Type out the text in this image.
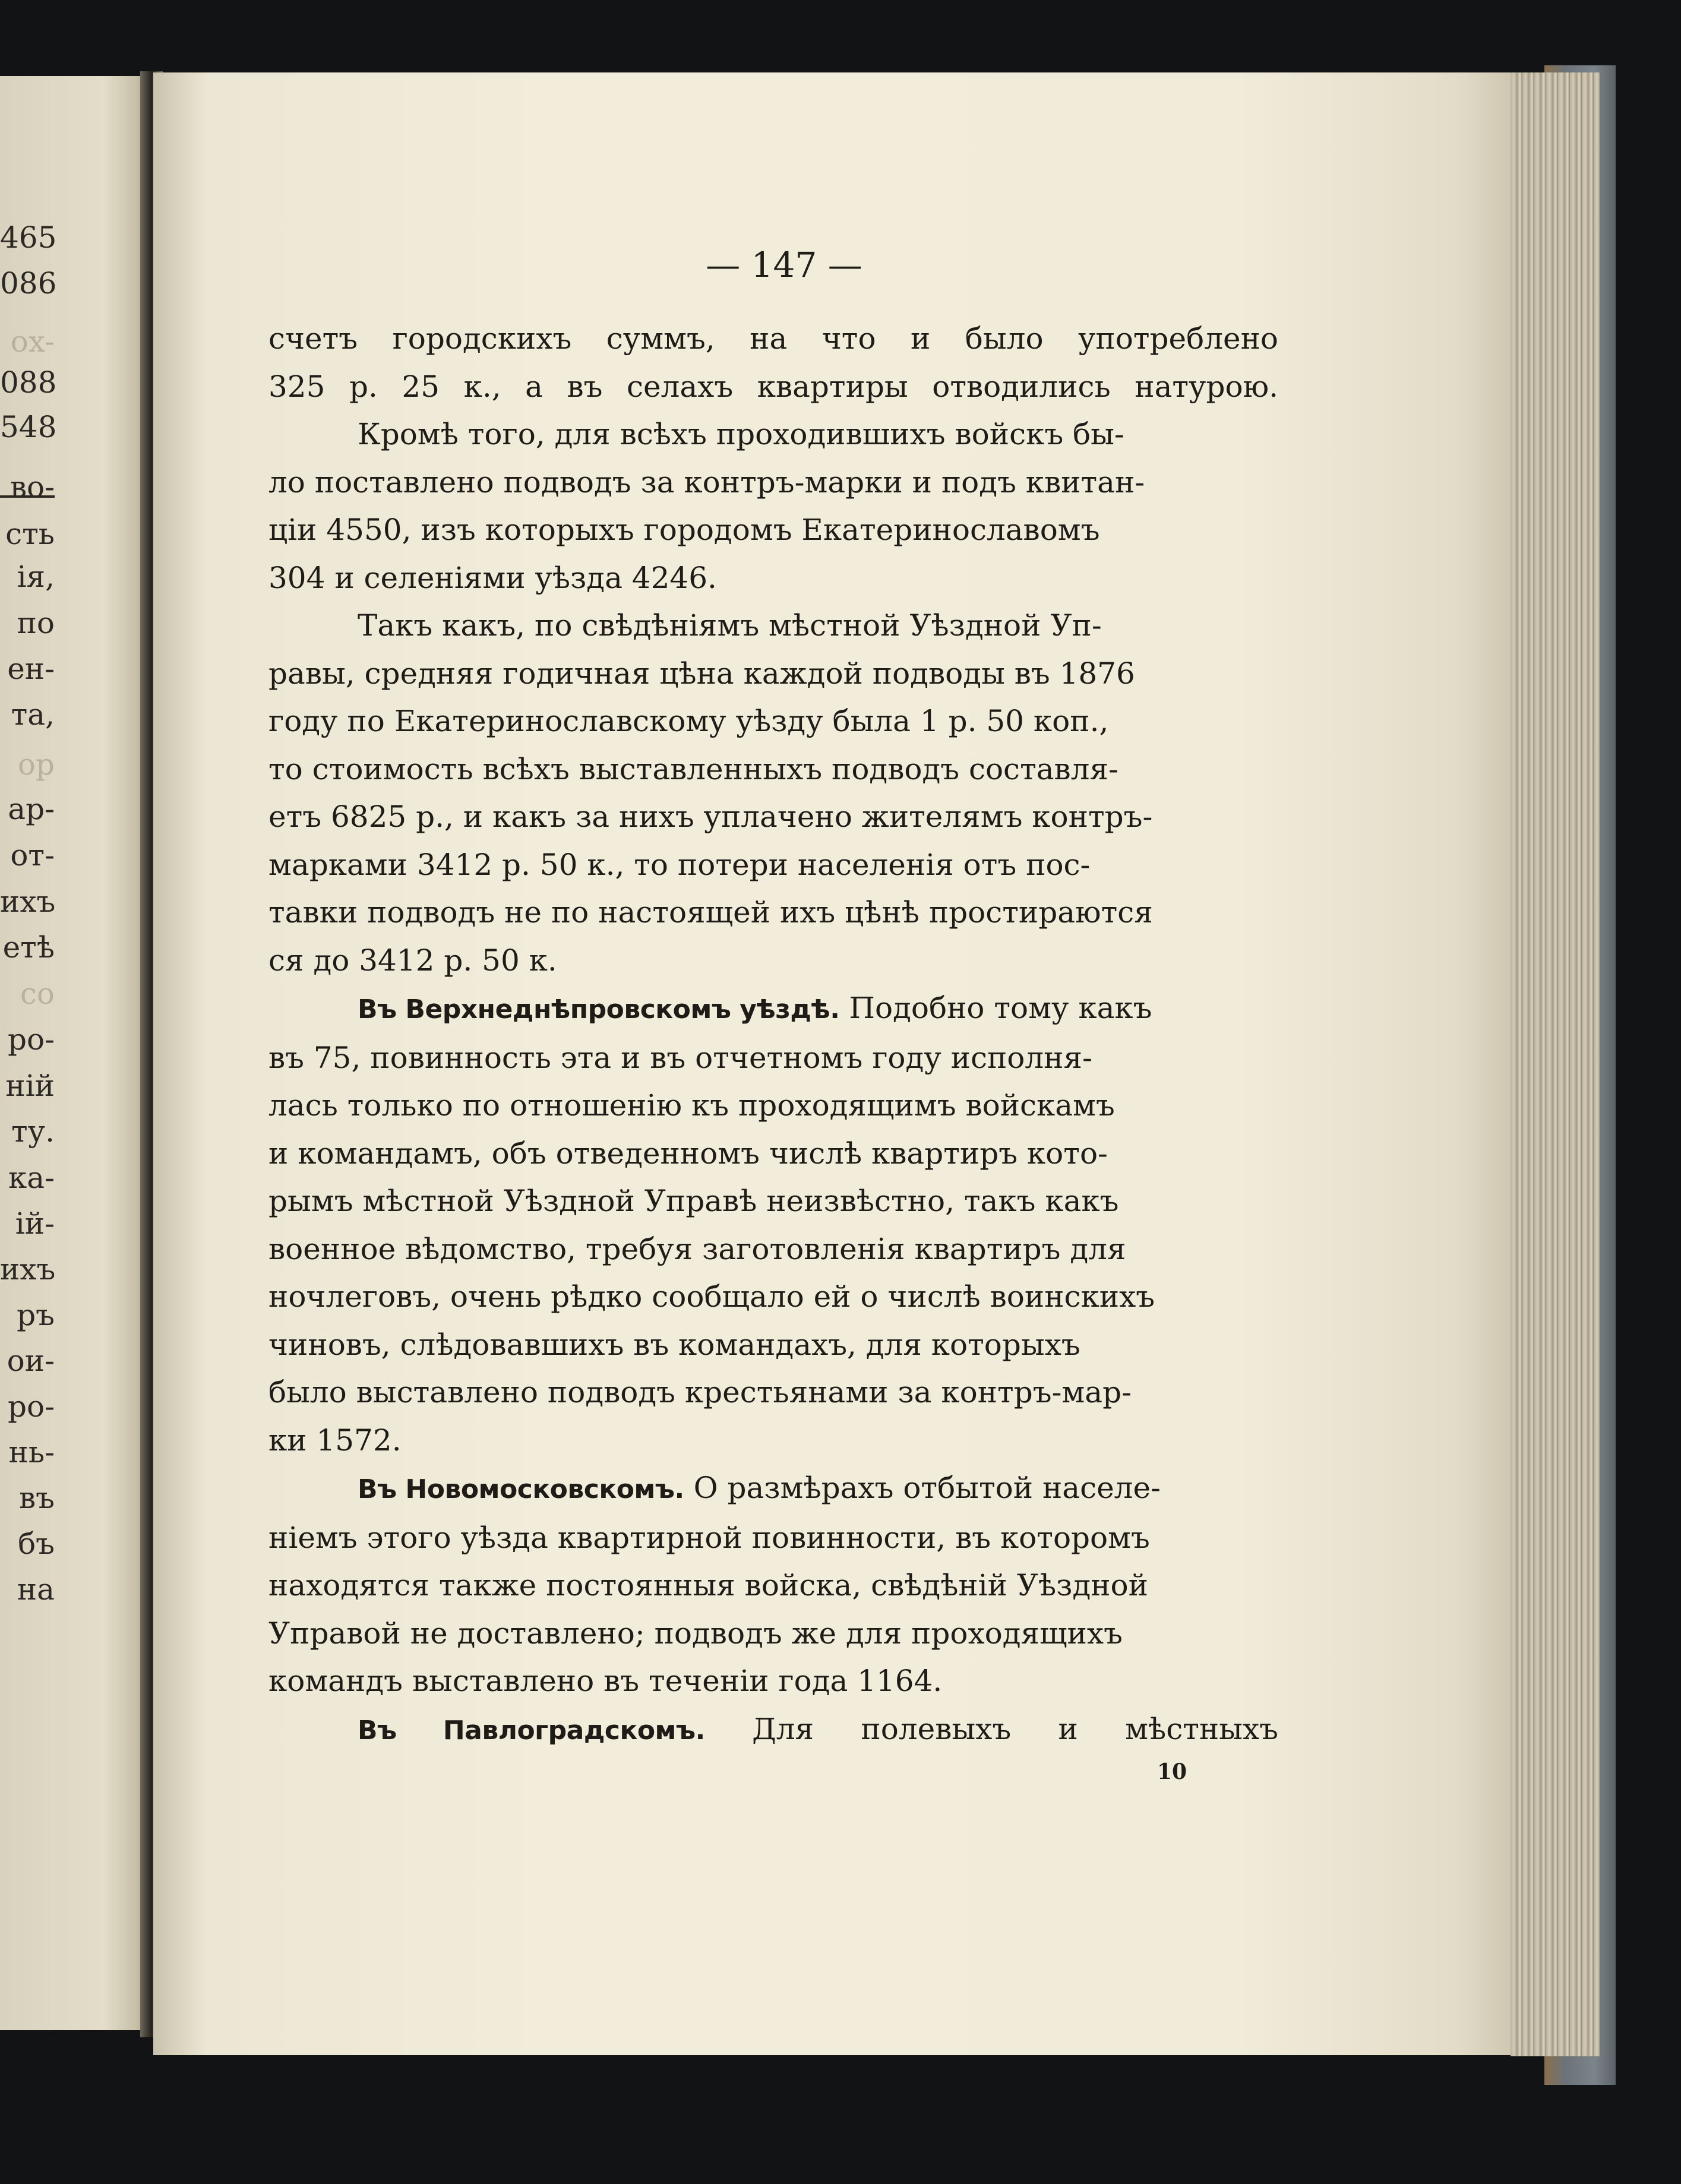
465
086
ox-
088
548
во-
сть
ія,
по
ен-
та,
ор
ар-
от-
ихъ
етѣ
со
ро-
ній
ту.
ка-
ій-
ихъ
ръ
ои-
ро-
нь-
въ
бъ
на
— 147 —

счетъ городскихъ суммъ, на что и было употреблено
325 р. 25 к., а въ селахъ квартиры отводились натурою.

Кромѣ того, для всѣхъ проходившихъ войскъ бы-
ло поставлено подводъ за контръ-марки и подъ квитан-
ціи 4550, изъ которыхъ городомъ Екатеринославомъ
304 и селеніями уѣзда 4246.

Такъ какъ, по свѣдѣніямъ мѣстной Уѣздной Уп-
равы, средняя годичная цѣна каждой подводы въ 1876
году по Екатеринославскому уѣзду была 1 р. 50 коп.,
то стоимость всѣхъ выставленныхъ подводъ составля-
етъ 6825 р., и какъ за нихъ уплачено жителямъ контръ-
марками 3412 р. 50 к., то потери населенія отъ пос-
тавки подводъ не по настоящей ихъ цѣнѣ простираются
ся до 3412 р. 50 к.

Въ Верхнеднѣпровскомъ уѣздѣ. Подобно тому какъ
въ 75, повинность эта и въ отчетномъ году исполня-
лась только по отношенію къ проходящимъ войскамъ
и командамъ, объ отведенномъ числѣ квартиръ кото-
рымъ мѣстной Уѣздной Управѣ неизвѣстно, такъ какъ
военное вѣдомство, требуя заготовленія квартиръ для
ночлеговъ, очень рѣдко сообщало ей о числѣ воинскихъ
чиновъ, слѣдовавшихъ въ командахъ, для которыхъ
было выставлено подводъ крестьянами за контръ-мар-
ки 1572.

Въ Новомосковскомъ. О размѣрахъ отбытой населе-
ніемъ этого уѣзда квартирной повинности, въ которомъ
находятся также постоянныя войска, свѣдѣній Уѣздной
Управой не доставлено; подводъ же для проходящихъ
командъ выставлено въ теченіи года 1164.

Въ Павлоградскомъ. Для полевыхъ и мѣстныхъ

10
